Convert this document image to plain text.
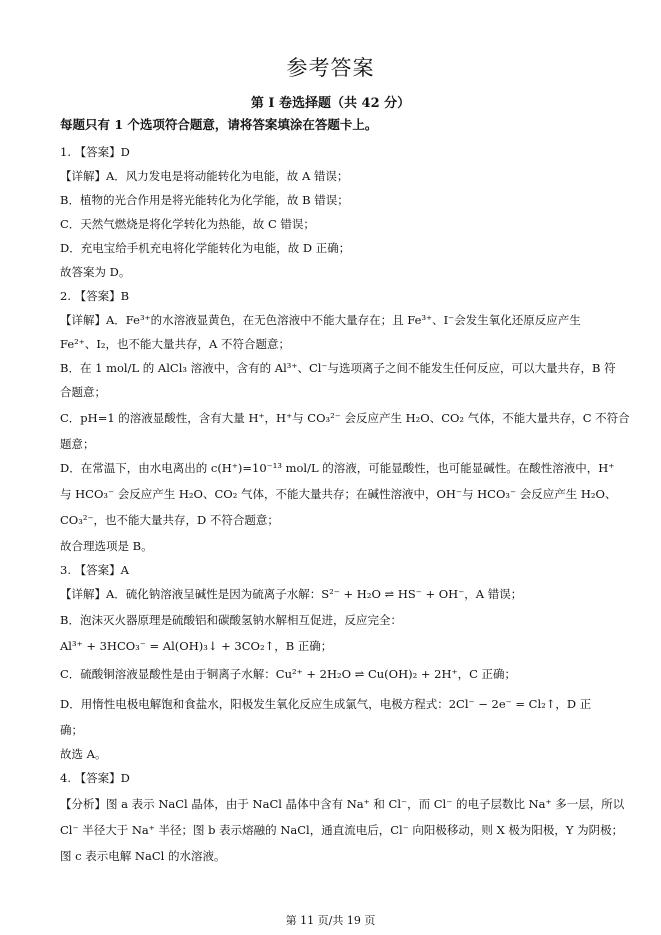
参考答案
第 I 卷选择题（共 42 分）
每题只有 1 个选项符合题意，请将答案填涂在答题卡上。
1. 【答案】D
【详解】A．风力发电是将动能转化为电能，故 A 错误；
B．植物的光合作用是将光能转化为化学能，故 B 错误；
C．天然气燃烧是将化学转化为热能，故 C 错误；
D．充电宝给手机充电将化学能转化为电能，故 D 正确；
故答案为 D。
2. 【答案】B
【详解】A．Fe³⁺的水溶液显黄色，在无色溶液中不能大量存在；且 Fe³⁺、I⁻会发生氧化还原反应产生
Fe²⁺、I₂，也不能大量共存，A 不符合题意；
B．在 1 mol/L 的 AlCl₃ 溶液中，含有的 Al³⁺、Cl⁻与选项离子之间不能发生任何反应，可以大量共存，B 符
合题意；
C．pH=1 的溶液显酸性，含有大量 H⁺，H⁺与 CO₃²⁻ 会反应产生 H₂O、CO₂ 气体，不能大量共存，C 不符合
题意；
D．在常温下，由水电离出的 c(H⁺)=10⁻¹³ mol/L 的溶液，可能显酸性，也可能显碱性。在酸性溶液中，H⁺
与 HCO₃⁻ 会反应产生 H₂O、CO₂ 气体，不能大量共存；在碱性溶液中，OH⁻与 HCO₃⁻ 会反应产生 H₂O、
CO₃²⁻，也不能大量共存，D 不符合题意；
故合理选项是 B。
3. 【答案】A
【详解】A．硫化钠溶液呈碱性是因为硫离子水解：S²⁻ + H₂O ⇌ HS⁻ + OH⁻，A 错误；
B．泡沫灭火器原理是硫酸铝和碳酸氢钠水解相互促进，反应完全：
Al³⁺ + 3HCO₃⁻ = Al(OH)₃↓ + 3CO₂↑，B 正确；
C．硫酸铜溶液显酸性是由于铜离子水解：Cu²⁺ + 2H₂O ⇌ Cu(OH)₂ + 2H⁺，C 正确；
D．用惰性电极电解饱和食盐水，阳极发生氧化反应生成氯气，电极方程式：2Cl⁻ − 2e⁻ = Cl₂↑，D 正
确；
故选 A。
4. 【答案】D
【分析】图 a 表示 NaCl 晶体，由于 NaCl 晶体中含有 Na⁺ 和 Cl⁻，而 Cl⁻ 的电子层数比 Na⁺ 多一层，所以
Cl⁻ 半径大于 Na⁺ 半径；图 b 表示熔融的 NaCl，通直流电后，Cl⁻ 向阳极移动，则 X 极为阳极，Y 为阴极；
图 c 表示电解 NaCl 的水溶液。
第 11 页/共 19 页
